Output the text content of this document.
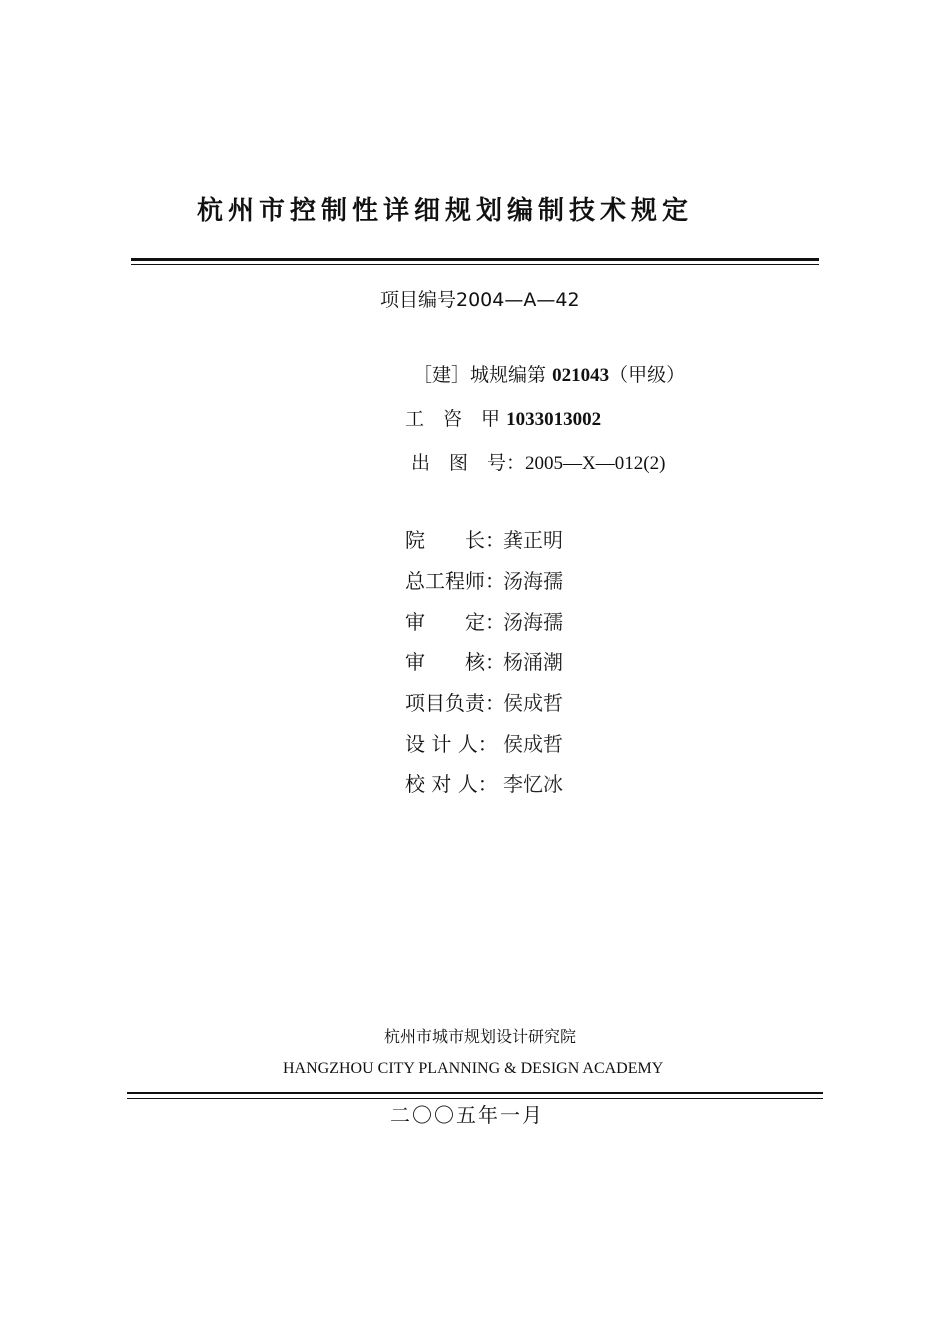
杭州市控制性详细规划编制技术规定
项目编号2004—A—42
［建］城规编第 021043（甲级）
工　咨　甲 1033013002
出　图　号：2005—X—012(2)
院　　长：龚正明
总工程师：汤海孺
审　　定：汤海孺
审　　核：杨涌潮
项目负责：侯成哲
设 计 人： 侯成哲
校 对 人： 李忆冰
杭州市城市规划设计研究院
HANGZHOU CITY PLANNING & DESIGN ACADEMY
二〇〇五年一月
